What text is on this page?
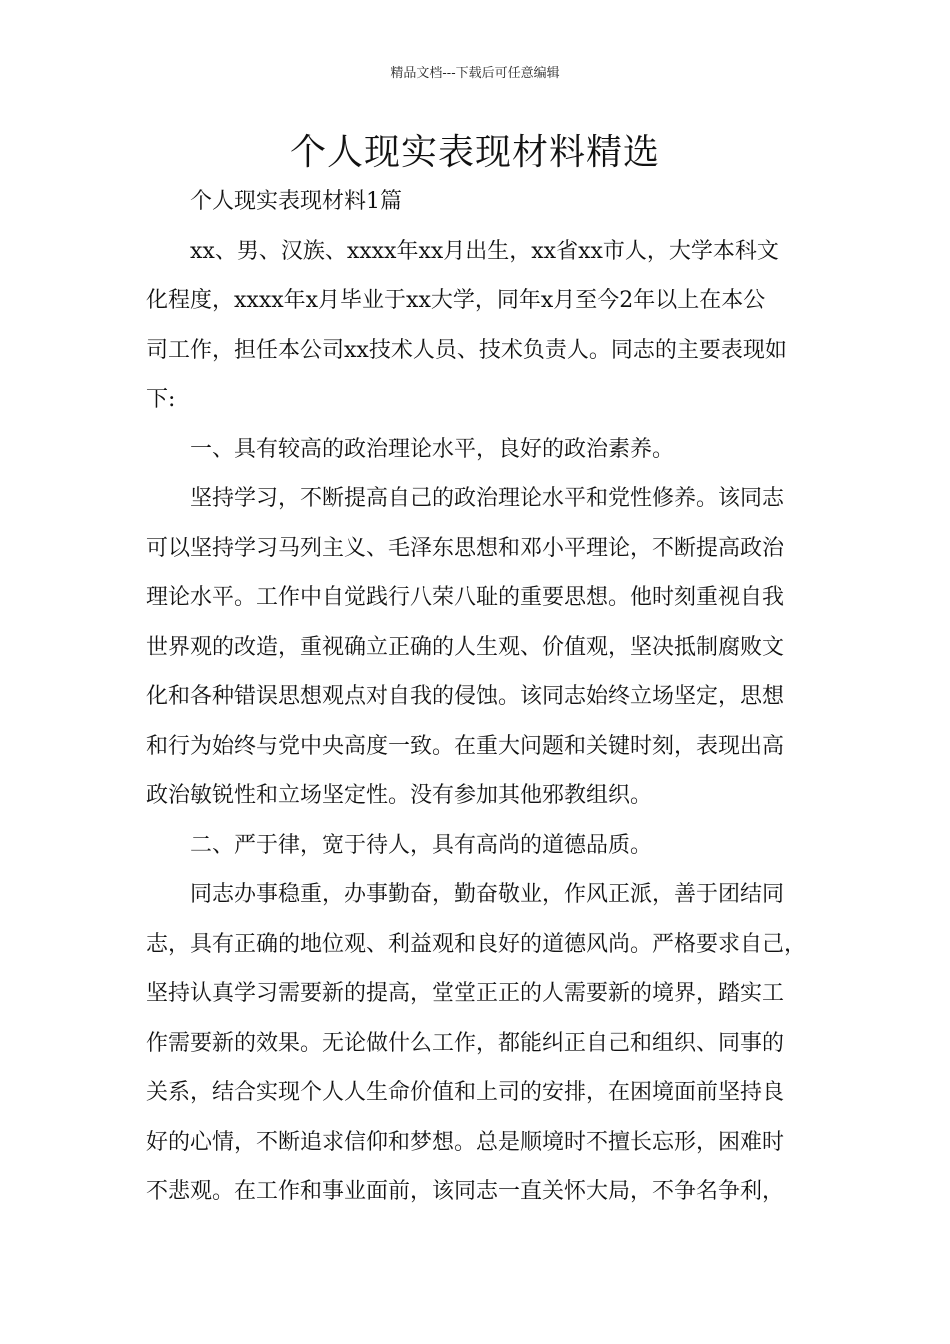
精品文档---下载后可任意编辑
个人现实表现材料精选
个人现实表现材料1篇
xx、男、汉族、xxxx年xx月出生，xx省xx市人，大学本科文
化程度，xxxx年x月毕业于xx大学，同年x月至今2年以上在本公
司工作，担任本公司xx技术人员、技术负责人。同志的主要表现如
下:
一、具有较高的政治理论水平，良好的政治素养。
坚持学习，不断提高自己的政治理论水平和党性修养。该同志
可以坚持学习马列主义、毛泽东思想和邓小平理论，不断提高政治
理论水平。工作中自觉践行八荣八耻的重要思想。他时刻重视自我
世界观的改造，重视确立正确的人生观、价值观，坚决抵制腐败文
化和各种错误思想观点对自我的侵蚀。该同志始终立场坚定，思想
和行为始终与党中央高度一致。在重大问题和关键时刻，表现出高
政治敏锐性和立场坚定性。没有参加其他邪教组织。
二、严于律，宽于待人，具有高尚的道德品质。
同志办事稳重，办事勤奋，勤奋敬业，作风正派，善于团结同
志，具有正确的地位观、利益观和良好的道德风尚。严格要求自己，
坚持认真学习需要新的提高，堂堂正正的人需要新的境界，踏实工
作需要新的效果。无论做什么工作，都能纠正自己和组织、同事的
关系，结合实现个人人生命价值和上司的安排，在困境面前坚持良
好的心情，不断追求信仰和梦想。总是顺境时不擅长忘形，困难时
不悲观。在工作和事业面前，该同志一直关怀大局，不争名争利，
